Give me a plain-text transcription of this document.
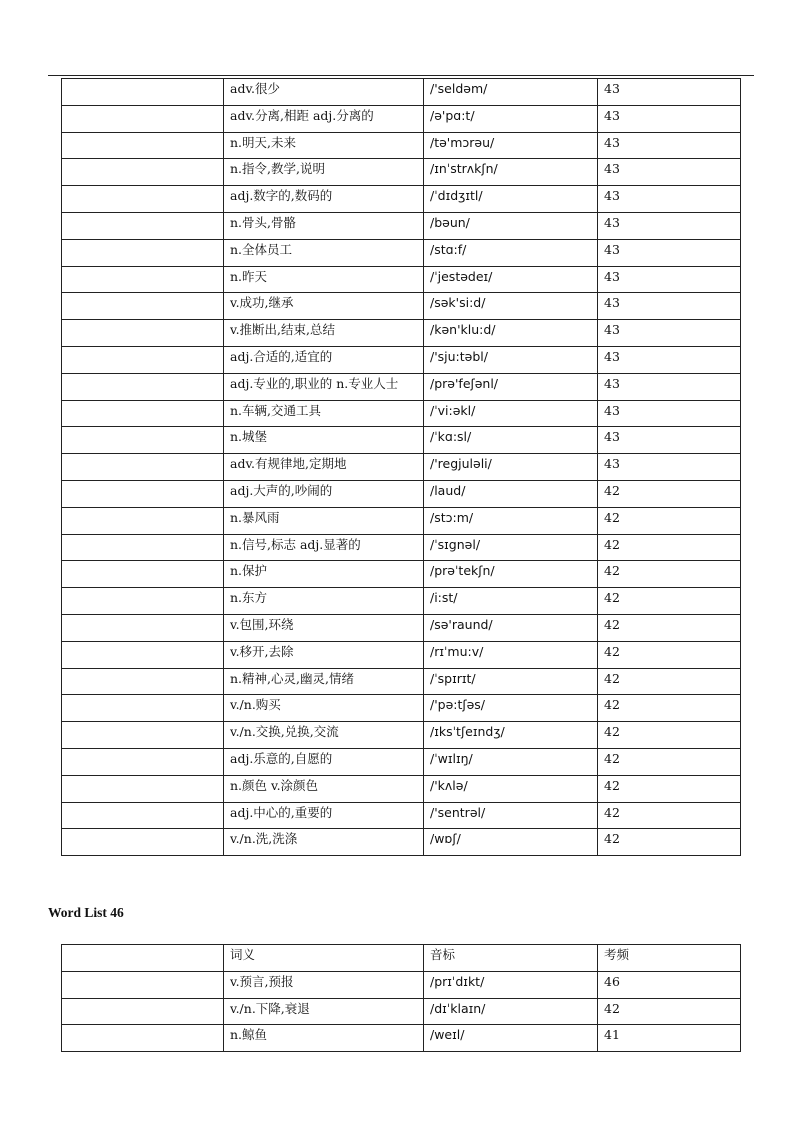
	adv.很少	/'seldəm/	43
	adv.分离,相距 adj.分离的	/ə'pɑ:t/	43
	n.明天,未来	/tə'mɔrəu/	43
	n.指令,教学,说明	/ɪnˈstrʌkʃn/	43
	adj.数字的,数码的	/ˈdɪdʒɪtl/	43
	n.骨头,骨骼	/bəun/	43
	n.全体员工	/stɑ:f/	43
	n.昨天	/ˈjestədeɪ/	43
	v.成功,继承	/sək'si:d/	43
	v.推断出,结束,总结	/kən'klu:d/	43
	adj.合适的,适宜的	/'sju:təbl/	43
	adj.专业的,职业的 n.专业人士	/prə'feʃənl/	43
	n.车辆,交通工具	/ˈvi:əkl/	43
	n.城堡	/ˈkɑ:sl/	43
	adv.有规律地,定期地	/'regjuləli/	43
	adj.大声的,吵闹的	/laud/	42
	n.暴风雨	/stɔ:m/	42
	n.信号,标志 adj.显著的	/ˈsɪgnəl/	42
	n.保护	/prəˈtekʃn/	42
	n.东方	/i:st/	42
	v.包围,环绕	/sə'raund/	42
	v.移开,去除	/rɪˈmu:v/	42
	n.精神,心灵,幽灵,情绪	/ˈspɪrɪt/	42
	v./n.购买	/'pə:tʃəs/	42
	v./n.交换,兑换,交流	/ɪksˈtʃeɪndʒ/	42
	adj.乐意的,自愿的	/ˈwɪlɪŋ/	42
	n.颜色 v.涂颜色	/'kʌlə/	42
	adj.中心的,重要的	/'sentrəl/	42
	v./n.洗,洗涤	/wɒʃ/	42
Word List 46
	词义	音标	考频
	v.预言,预报	/prɪˈdɪkt/	46
	v./n.下降,衰退	/dɪˈklaɪn/	42
	n.鲸鱼	/weɪl/	41
